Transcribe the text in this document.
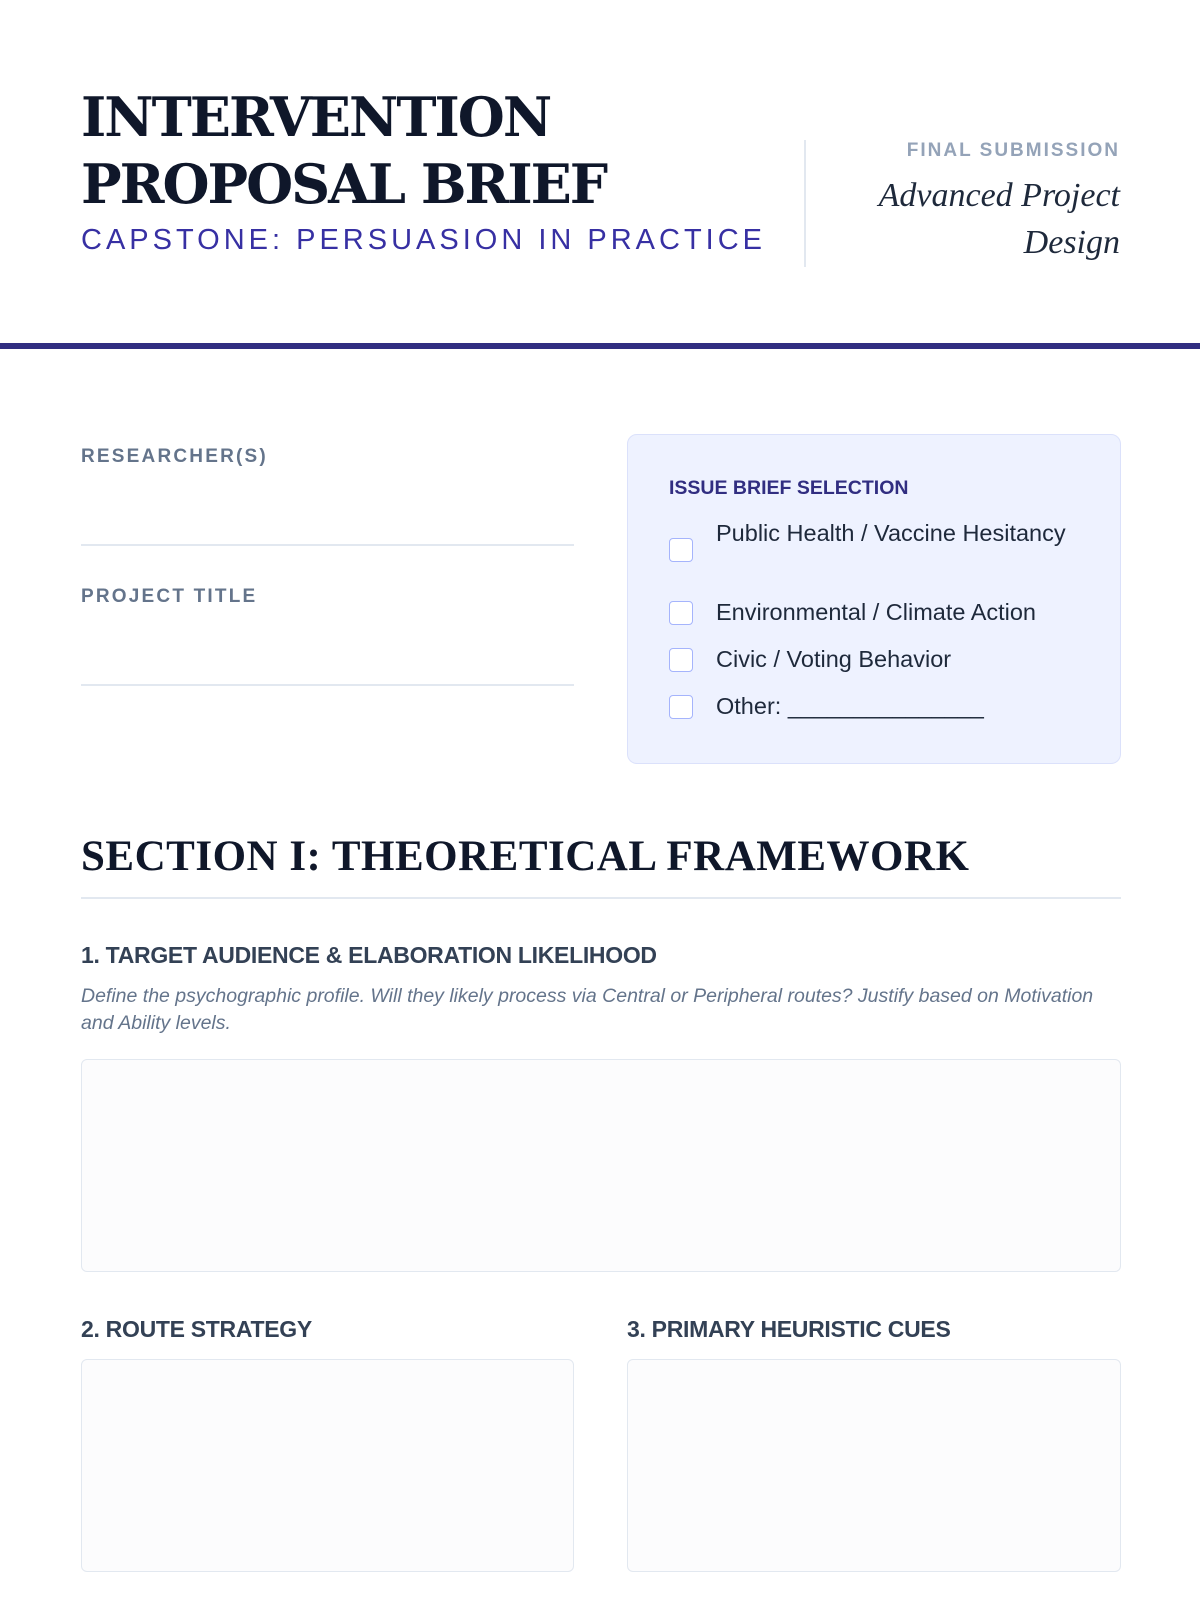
INTERVENTION
PROPOSAL BRIEF
CAPSTONE: PERSUASION IN PRACTICE
FINAL SUBMISSION
Advanced Project
Design
RESEARCHER(S)
PROJECT TITLE
ISSUE BRIEF SELECTION
Public Health / Vaccine Hesitancy
Environmental / Climate Action
Civic / Voting Behavior
Other: _______________
SECTION I: THEORETICAL FRAMEWORK
1. TARGET AUDIENCE & ELABORATION LIKELIHOOD
Define the psychographic profile. Will they likely process via Central or Peripheral routes? Justify based on Motivation and Ability levels.
2. ROUTE STRATEGY	3. PRIMARY HEURISTIC CUES
